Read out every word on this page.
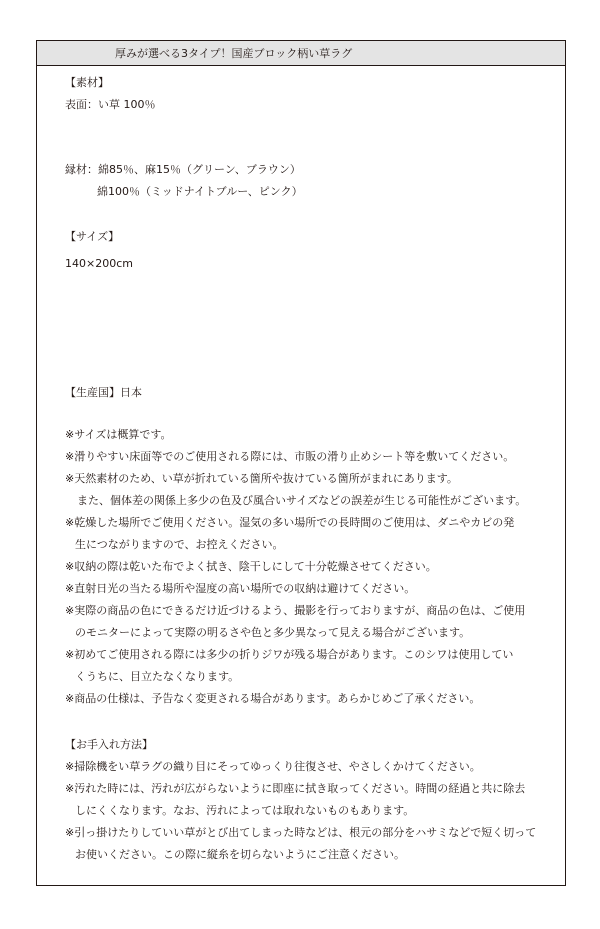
厚みが選べる3タイプ！国産ブロック柄い草ラグ
【素材】
表面：い草 100％
縁材：綿85％、麻15％（グリーン、ブラウン）
綿100％（ミッドナイトブルー、ピンク）
【サイズ】
140×200cm
【生産国】日本
※サイズは概算です。
※滑りやすい床面等でのご使用される際には、市販の滑り止めシート等を敷いてください。
※天然素材のため、い草が折れている箇所や抜けている箇所がまれにあります。
また、個体差の関係上多少の色及び風合いサイズなどの誤差が生じる可能性がございます。
※乾燥した場所でご使用ください。湿気の多い場所での長時間のご使用は、ダニやカビの発
生につながりますので、お控えください。
※収納の際は乾いた布でよく拭き、陰干しにして十分乾燥させてください。
※直射日光の当たる場所や湿度の高い場所での収納は避けてください。
※実際の商品の色にできるだけ近づけるよう、撮影を行っておりますが、商品の色は、ご使用
のモニターによって実際の明るさや色と多少異なって見える場合がございます。
※初めてご使用される際には多少の折りジワが残る場合があります。このシワは使用してい
くうちに、目立たなくなります。
※商品の仕様は、予告なく変更される場合があります。あらかじめご了承ください。
【お手入れ方法】
※掃除機をい草ラグの織り目にそってゆっくり往復させ、やさしくかけてください。
※汚れた時には、汚れが広がらないように即座に拭き取ってください。時間の経過と共に除去
しにくくなります。なお、汚れによっては取れないものもあります。
※引っ掛けたりしていい草がとび出てしまった時などは、根元の部分をハサミなどで短く切って
お使いください。この際に縦糸を切らないようにご注意ください。
